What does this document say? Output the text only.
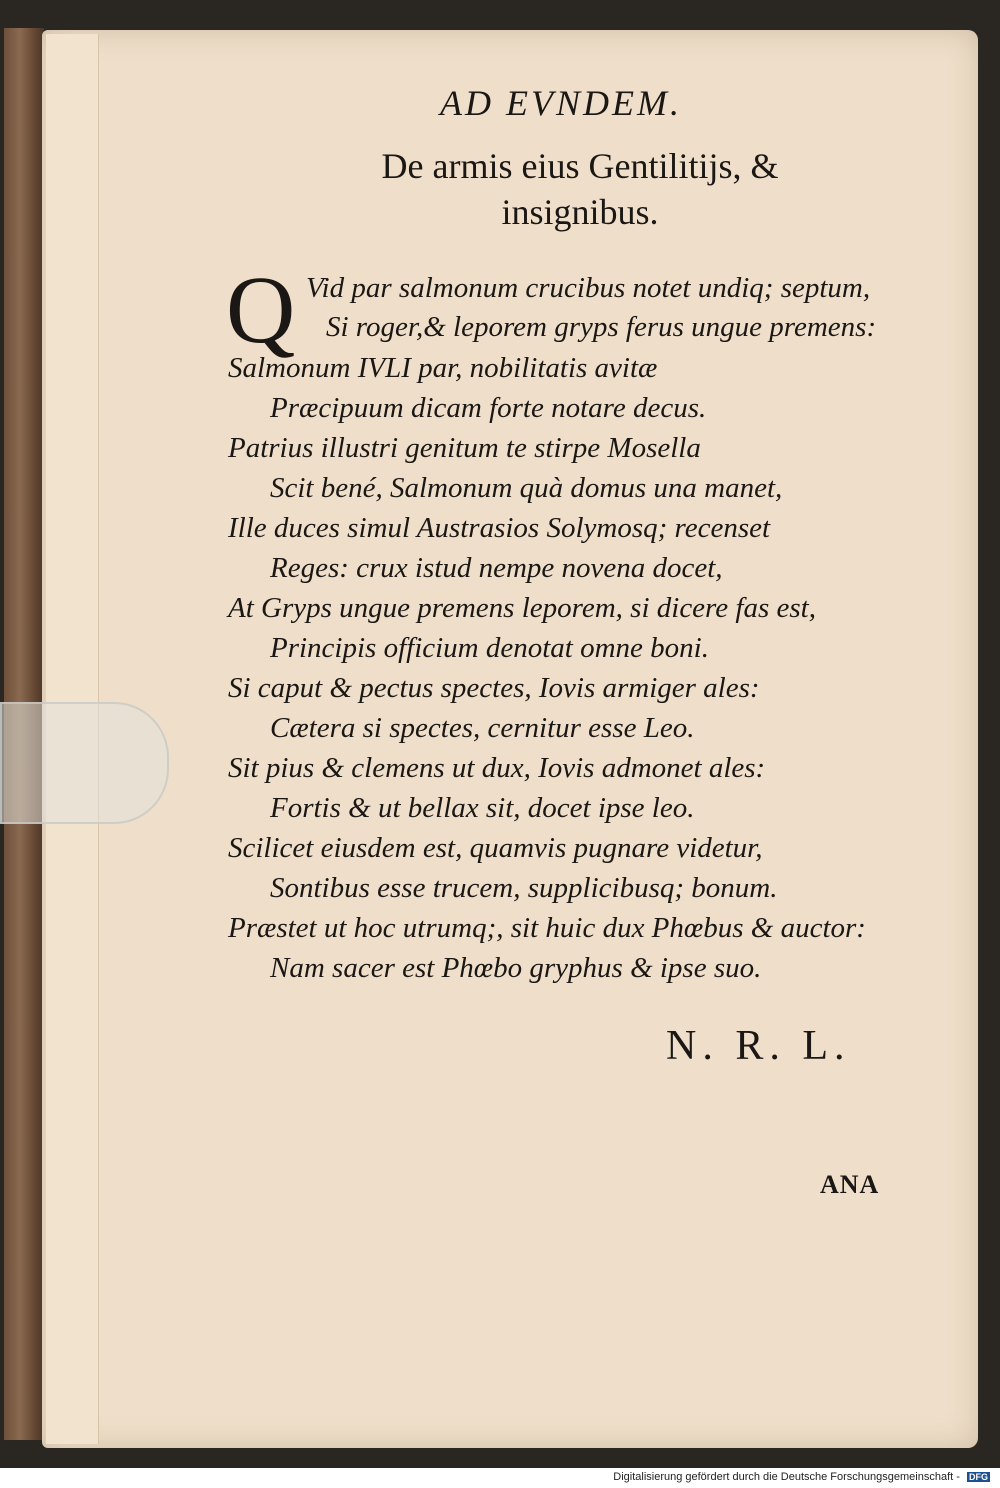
AD EVNDEM.
De armis eius Gentilitijs, &
insignibus.
Q Vid par salmonum crucibus notet undiq; septum,
Si roger,& leporem gryps ferus ungue premens:
Salmonum IVLI par, nobilitatis avitæ
Præcipuum dicam forte notare decus.
Patrius illustri genitum te stirpe Mosella
Scit bené, Salmonum quà domus una manet,
Ille duces simul Austrasios Solymosq; recenset
Reges: crux istud nempe novena docet,
At Gryps ungue premens leporem, si dicere fas est,
Principis officium denotat omne boni.
Si caput & pectus spectes, Iovis armiger ales:
Cætera si spectes, cernitur esse Leo.
Sit pius & clemens ut dux, Iovis admonet ales:
Fortis & ut bellax sit, docet ipse leo.
Scilicet eiusdem est, quamvis pugnare videtur,
Sontibus esse trucem, supplicibusq; bonum.
Præstet ut hoc utrumq;, sit huic dux Phœbus & auctor:
Nam sacer est Phœbo gryphus & ipse suo.
N. R. L.
ANA
Digitalisierung gefördert durch die Deutsche Forschungsgemeinschaft - DFG
